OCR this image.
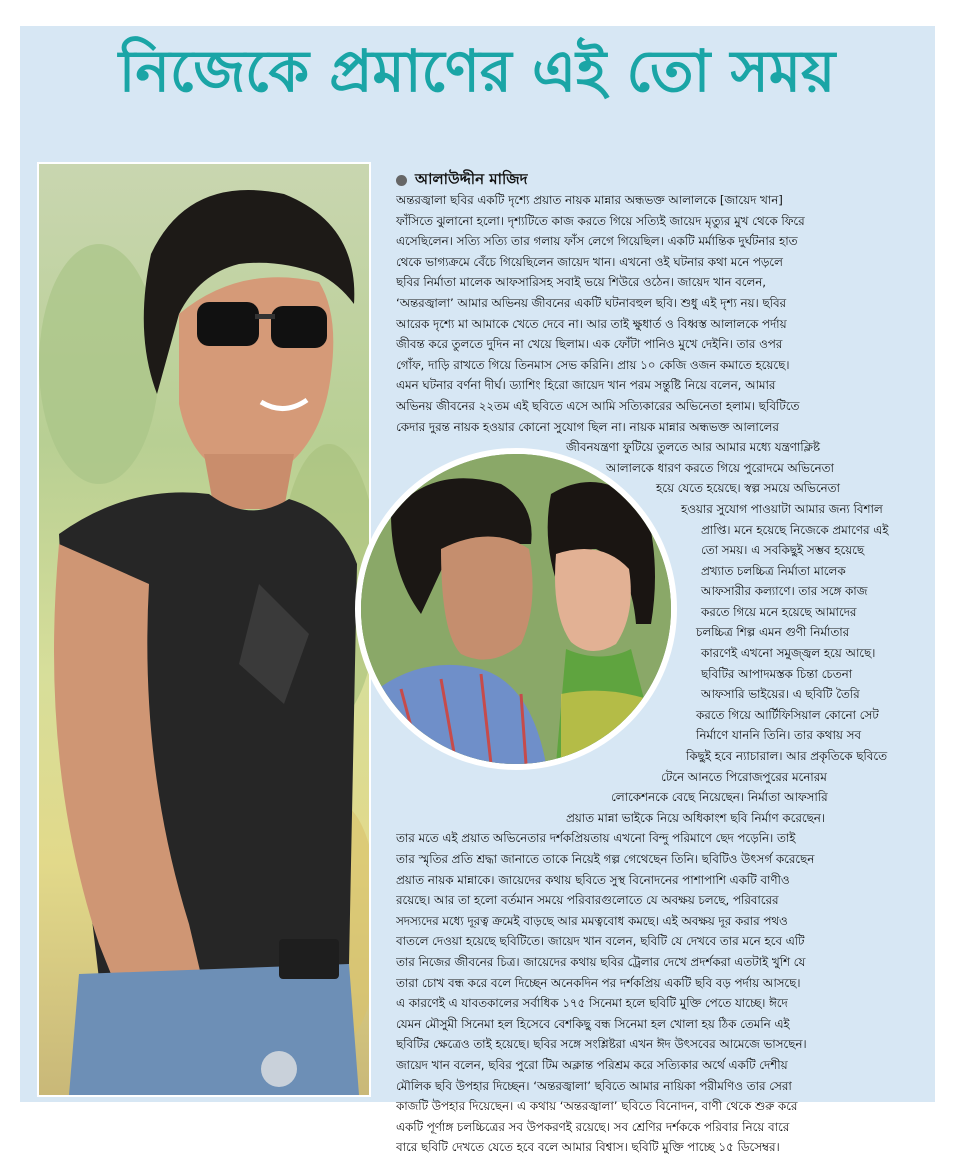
নিজেকে প্রমাণের এই তো সময়
আলাউদ্দীন মাজিদ
অন্তরজ্বালা ছবির একটি দৃশ্যে প্রয়াত নায়ক মান্নার অন্ধভক্ত আলালকে [জায়েদ খান]
ফাঁসিতে ঝুলানো হলো। দৃশ্যটিতে কাজ করতে গিয়ে সত্যিই জায়েদ মৃত্যুর মুখ থেকে ফিরে
এসেছিলেন। সত্যি সত্যি তার গলায় ফাঁস লেগে গিয়েছিল। একটি মর্মান্তিক দুর্ঘটনার হাত
থেকে ভাগ্যক্রমে বেঁচে গিয়েছিলেন জায়েদ খান। এখনো ওই ঘটনার কথা মনে পড়লে
ছবির নির্মাতা মালেক আফসারিসহ সবাই ভয়ে শিউরে ওঠেন। জায়েদ খান বলেন,
‘অন্তরজ্বালা’ আমার অভিনয় জীবনের একটি ঘটনাবহুল ছবি। শুধু এই দৃশ্য নয়। ছবির
আরেক দৃশ্যে মা আমাকে খেতে দেবে না। আর তাই ক্ষুধার্ত ও বিধ্বস্ত আলালকে পর্দায়
জীবন্ত করে তুলতে দুদিন না খেয়ে ছিলাম। এক ফোঁটা পানিও মুখে দেইনি। তার ওপর
গোঁফ, দাড়ি রাখতে গিয়ে তিনমাস সেভ করিনি। প্রায় ১০ কেজি ওজন কমাতে হয়েছে।
এমন ঘটনার বর্ণনা দীর্ঘ। ড্যাশিং হিরো জায়েদ খান পরম সন্তুষ্টি নিয়ে বলেন, আমার
অভিনয় জীবনের ২২তম এই ছবিতে এসে আমি সত্যিকারের অভিনেতা হলাম। ছবিটিতে
কেদার দুরন্ত নায়ক হওয়ার কোনো সুযোগ ছিল না। নায়ক মান্নার অন্ধভক্ত আলালের
জীবনযন্ত্রণা ফুটিয়ে তুলতে আর আমার মধ্যে যন্ত্রণাক্লিষ্ট
আলালকে ধারণ করতে গিয়ে পুরোদমে অভিনেতা
হয়ে যেতে হয়েছে। স্বল্প সময়ে অভিনেতা
হওয়ার সুযোগ পাওয়াটা আমার জন্য বিশাল
প্রাপ্তি। মনে হয়েছে নিজেকে প্রমাণের এই
তো সময়। এ সবকিছুই সম্ভব হয়েছে
প্রখ্যাত চলচ্চিত্র নির্মাতা মালেক
আফসারীর কল্যাণে। তার সঙ্গে কাজ
করতে গিয়ে মনে হয়েছে আমাদের
চলচ্চিত্র শিল্প এমন গুণী নির্মাতার
কারণেই এখনো সমুজ্জ্বল হয়ে আছে।
ছবিটির আপাদমস্তক চিন্তা চেতনা
আফসারি ভাইয়ের। এ ছবিটি তৈরি
করতে গিয়ে আর্টিফিসিয়াল কোনো সেট
নির্মাণে যাননি তিনি। তার কথায় সব
কিছুই হবে ন্যাচারাল। আর প্রকৃতিকে ছবিতে
টেনে আনতে পিরোজপুরের মনোরম
লোকেশনকে বেছে নিয়েছেন। নির্মাতা আফসারি
প্রয়াত মান্না ভাইকে নিয়ে অধিকাংশ ছবি নির্মাণ করেছেন।
তার মতে এই প্রয়াত অভিনেতার দর্শকপ্রিয়তায় এখনো বিন্দু পরিমাণে ছেদ পড়েনি। তাই
তার স্মৃতির প্রতি শ্রদ্ধা জানাতে তাকে নিয়েই গল্প গেথেছেন তিনি। ছবিটিও উৎসর্গ করেছেন
প্রয়াত নায়ক মান্নাকে। জায়েদের কথায় ছবিতে সুস্থ বিনোদনের পাশাপাশি একটি বাণীও
রয়েছে। আর তা হলো বর্তমান সময়ে পরিবারগুলোতে যে অবক্ষয় চলছে, পরিবারের
সদস্যদের মধ্যে দূরত্ব ক্রমেই বাড়ছে আর মমত্ববোধ কমছে। এই অবক্ষয় দূর করার পথও
বাতলে দেওয়া হয়েছে ছবিটিতে। জায়েদ খান বলেন, ছবিটি যে দেখবে তার মনে হবে এটি
তার নিজের জীবনের চিত্র। জায়েদের কথায় ছবির ট্রেলার দেখে প্রদর্শকরা এতটাই খুশি যে
তারা চোখ বন্ধ করে বলে দিচ্ছেন অনেকদিন পর দর্শকপ্রিয় একটি ছবি বড় পর্দায় আসছে।
এ কারণেই এ যাবতকালের সর্বাধিক ১৭৫ সিনেমা হলে ছবিটি মুক্তি পেতে যাচ্ছে। ঈদে
যেমন মৌসুমী সিনেমা হল হিসেবে বেশকিছু বন্ধ সিনেমা হল খোলা হয় ঠিক তেমনি এই
ছবিটির ক্ষেত্রেও তাই হয়েছে। ছবির সঙ্গে সংশ্লিষ্টরা এখন ঈদ উৎসবের আমেজে ভাসছেন।
জায়েদ খান বলেন, ছবির পুরো টিম অক্লান্ত পরিশ্রম করে সত্যিকার অর্থে একটি দেশীয়
মৌলিক ছবি উপহার দিচ্ছেন। ‘অন্তরজ্বালা’ ছবিতে আমার নায়িকা পরীমণিও তার সেরা
কাজটি উপহার দিয়েছেন। এ কথায় ‘অন্তরজ্বালা’ ছবিতে বিনোদন, বাণী থেকে শুরু করে
একটি পূর্ণাঙ্গ চলচ্চিত্রের সব উপকরণই রয়েছে। সব শ্রেণির দর্শককে পরিবার নিয়ে বারে
বারে ছবিটি দেখতে যেতে হবে বলে আমার বিশ্বাস। ছবিটি মুক্তি পাচ্ছে ১৫ ডিসেম্বর।
